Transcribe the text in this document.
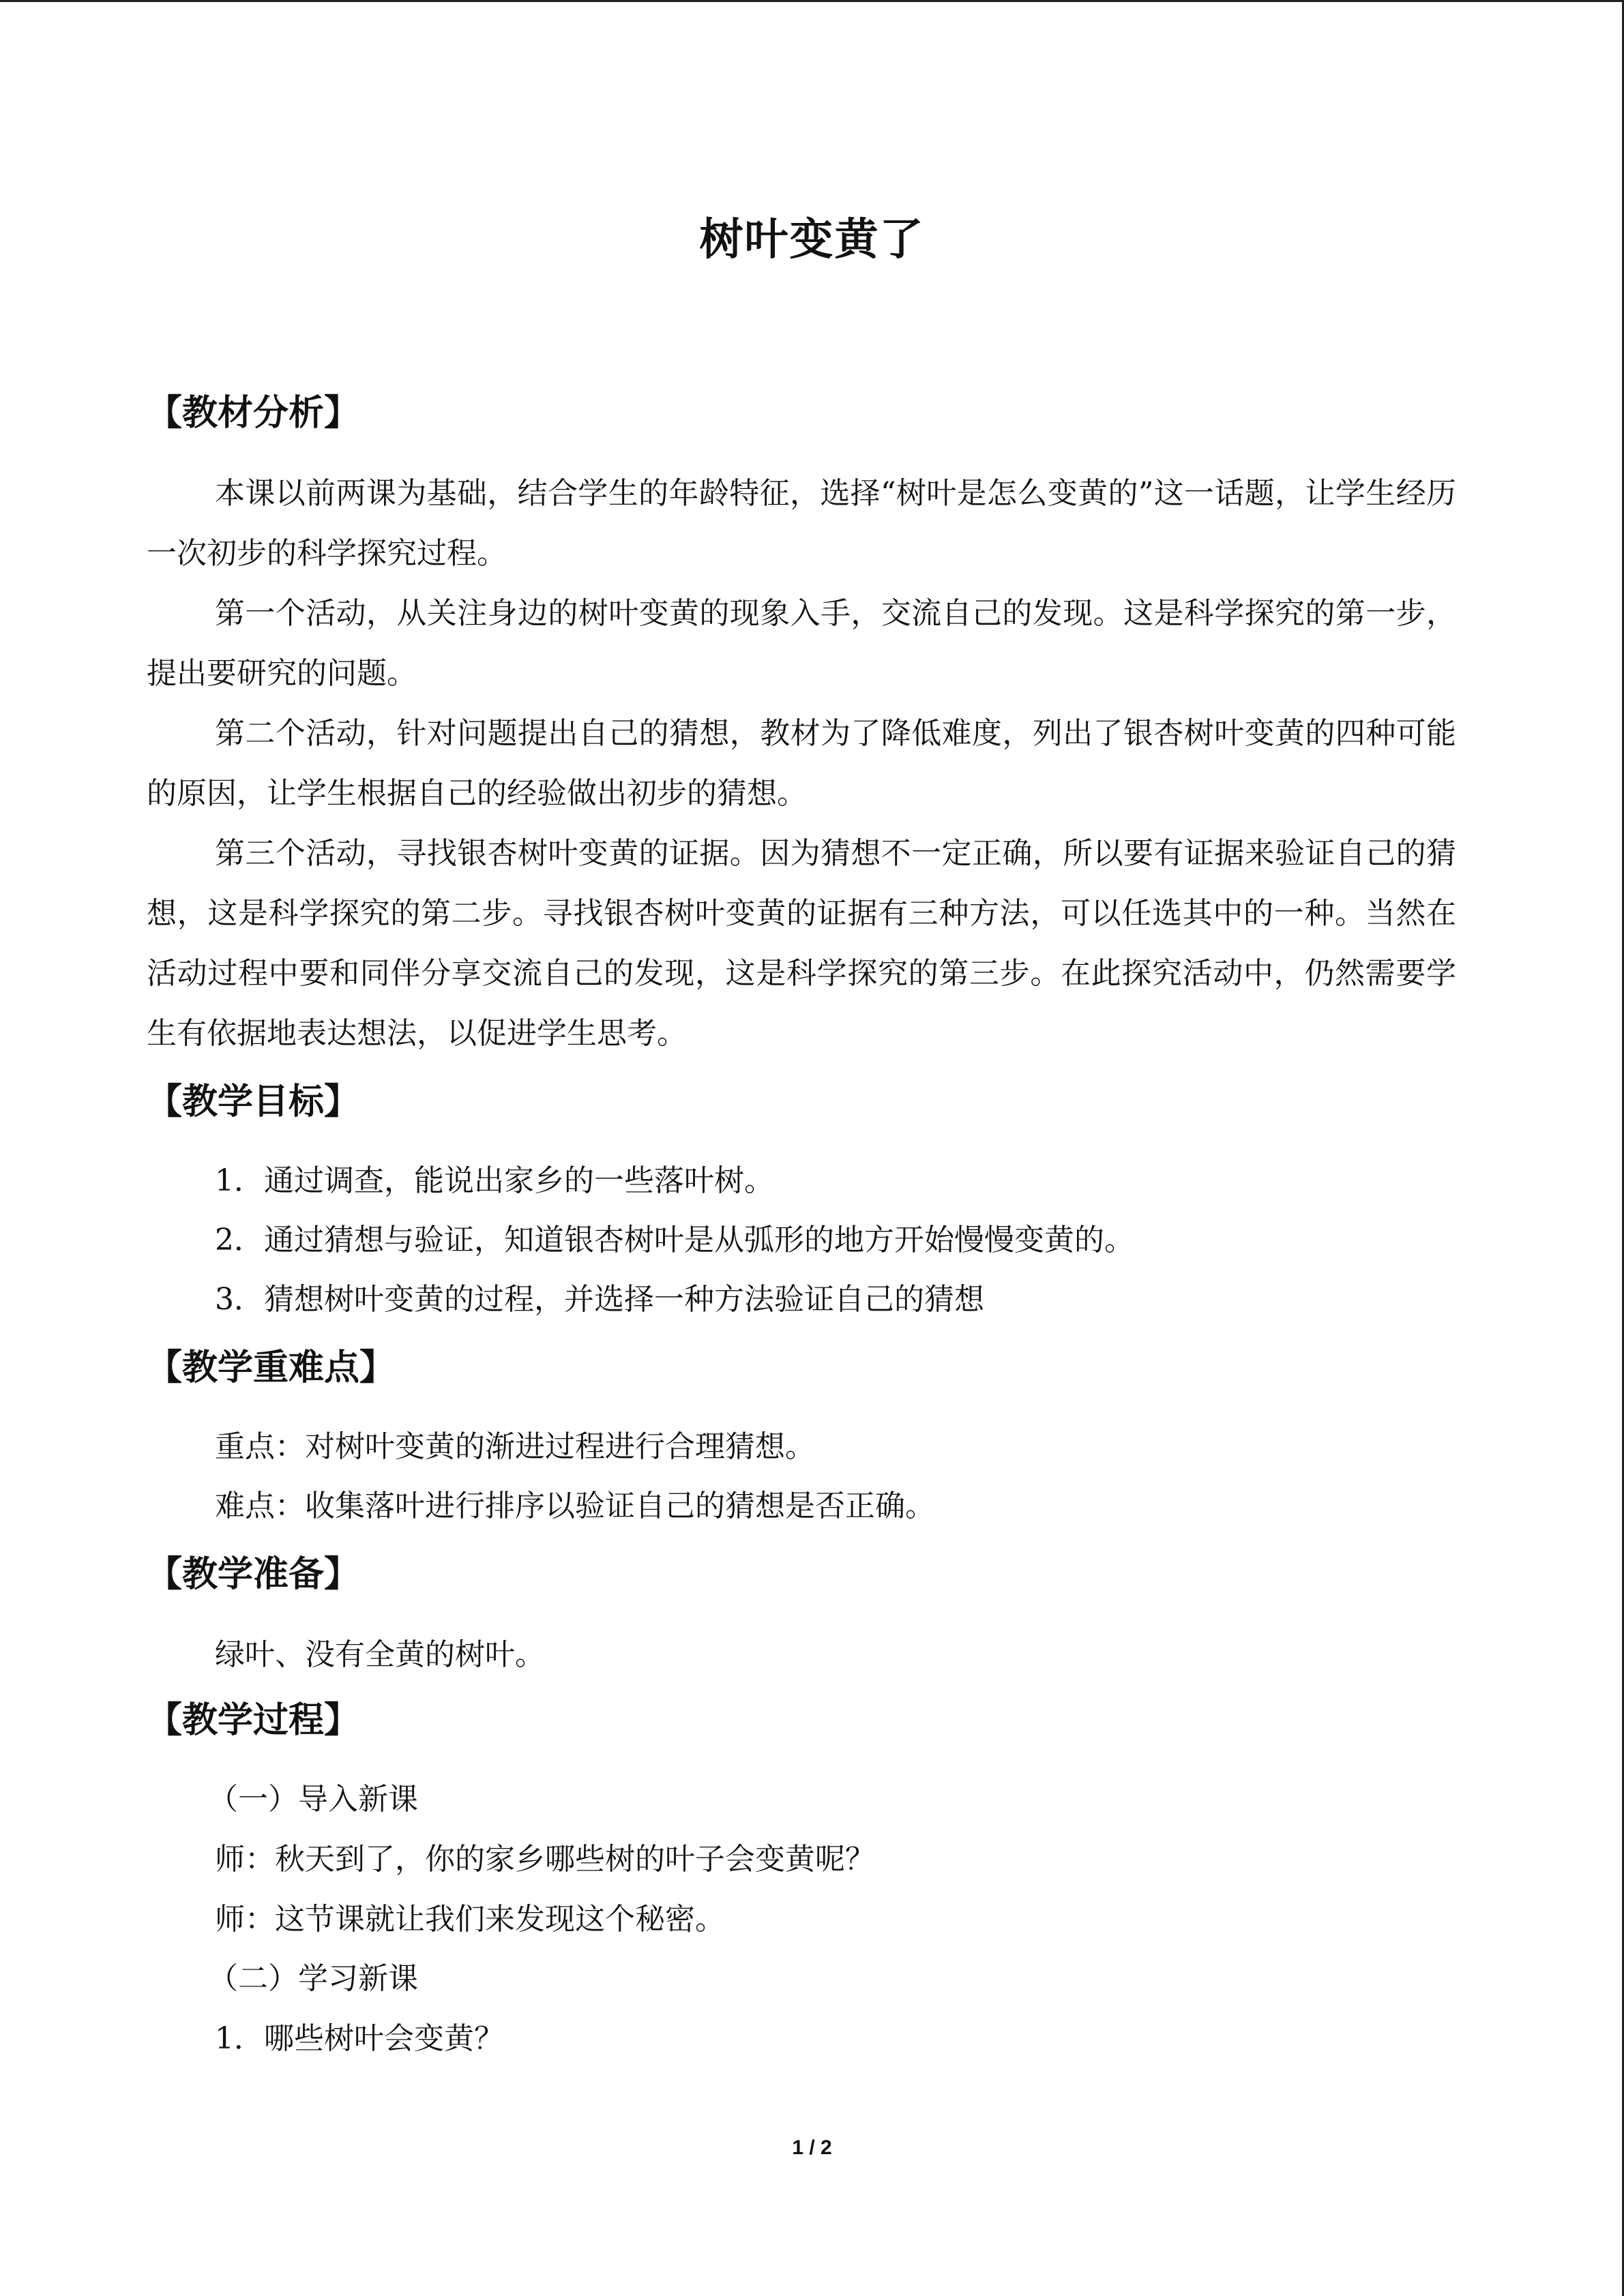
树叶变黄了
【教材分析】

本课以前两课为基础，结合学生的年龄特征，选择“树叶是怎么变黄的”这一话题，让学生经历一次初步的科学探究过程。

第一个活动，从关注身边的树叶变黄的现象入手，交流自己的发现。这是科学探究的第一步，提出要研究的问题。

第二个活动，针对问题提出自己的猜想，教材为了降低难度，列出了银杏树叶变黄的四种可能的原因，让学生根据自己的经验做出初步的猜想。

第三个活动，寻找银杏树叶变黄的证据。因为猜想不一定正确，所以要有证据来验证自己的猜想，这是科学探究的第二步。寻找银杏树叶变黄的证据有三种方法，可以任选其中的一种。当然在活动过程中要和同伴分享交流自己的发现，这是科学探究的第三步。在此探究活动中，仍然需要学生有依据地表达想法，以促进学生思考。

【教学目标】
1．通过调查，能说出家乡的一些落叶树。
2．通过猜想与验证，知道银杏树叶是从弧形的地方开始慢慢变黄的。
3．猜想树叶变黄的过程，并选择一种方法验证自己的猜想
【教学重难点】
重点：对树叶变黄的渐进过程进行合理猜想。
难点：收集落叶进行排序以验证自己的猜想是否正确。
【教学准备】
绿叶、没有全黄的树叶。
【教学过程】
（一）导入新课
师：秋天到了，你的家乡哪些树的叶子会变黄呢？
师：这节课就让我们来发现这个秘密。
（二）学习新课
1．哪些树叶会变黄？
1 / 2
